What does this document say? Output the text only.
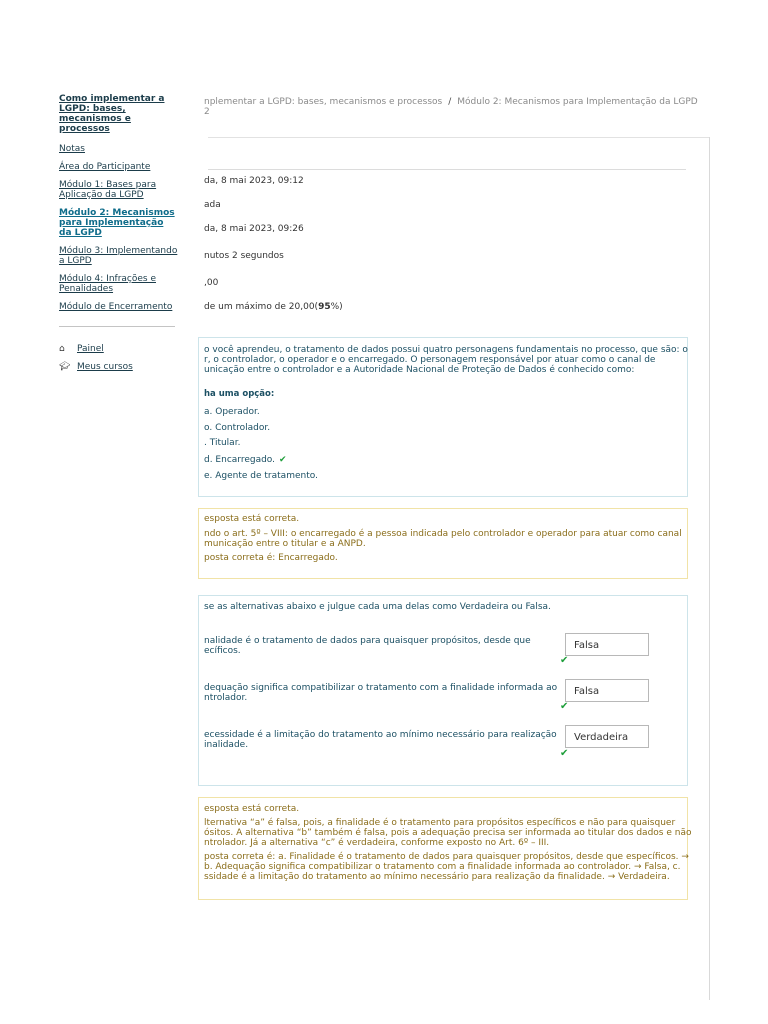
Como implementar a LGPD: bases, mecanismos e processos
Notas
Área do Participante
Módulo 1: Bases para Aplicação da LGPD
Módulo 2: Mecanismos para Implementação da LGPD
Módulo 3: Implementando a LGPD
Módulo 4: Infrações e Penalidades
Módulo de Encerramento
⌂	Painel
🎓︎ Meus cursos
nplementar a LGPD: bases, mecanismos e processos / Módulo 2: Mecanismos para Implementação da LGPD
2
da, 8 mai 2023, 09:12
ada
da, 8 mai 2023, 09:26
nutos 2 segundos
,00
de um máximo de 20,00(95%)
o você aprendeu, o tratamento de dados possui quatro personagens fundamentais no processo, que são: o
r, o controlador, o operador e o encarregado. O personagem responsável por atuar como o canal de
unicação entre o controlador e a Autoridade Nacional de Proteção de Dados é conhecido como:
ha uma opção:
a. Operador.
o. Controlador.
. Titular.
d. Encarregado. ✔
e. Agente de tratamento.
esposta está correta.
ndo o art. 5º – VIII: o encarregado é a pessoa indicada pelo controlador e operador para atuar como canal
municação entre o titular e a ANPD.
posta correta é: Encarregado.
se as alternativas abaixo e julgue cada uma delas como Verdadeira ou Falsa.
nalidade é o tratamento de dados para quaisquer propósitos, desde que
ecíficos.	Falsa
✔
dequação significa compatibilizar o tratamento com a finalidade informada ao
ntrolador.
Falsa
✔
ecessidade é a limitação do tratamento ao mínimo necessário para realização
inalidade.
Verdadeira
✔
esposta está correta.
lternativa “a” é falsa, pois, a finalidade é o tratamento para propósitos específicos e não para quaisquer
ósitos. A alternativa “b” também é falsa, pois a adequação precisa ser informada ao titular dos dados e não
ntrolador. Já a alternativa “c” é verdadeira, conforme exposto no Art. 6º – III.
posta correta é: a. Finalidade é o tratamento de dados para quaisquer propósitos, desde que específicos. →
b. Adequação significa compatibilizar o tratamento com a finalidade informada ao controlador. → Falsa, c.
ssidade é a limitação do tratamento ao mínimo necessário para realização da finalidade. → Verdadeira.
